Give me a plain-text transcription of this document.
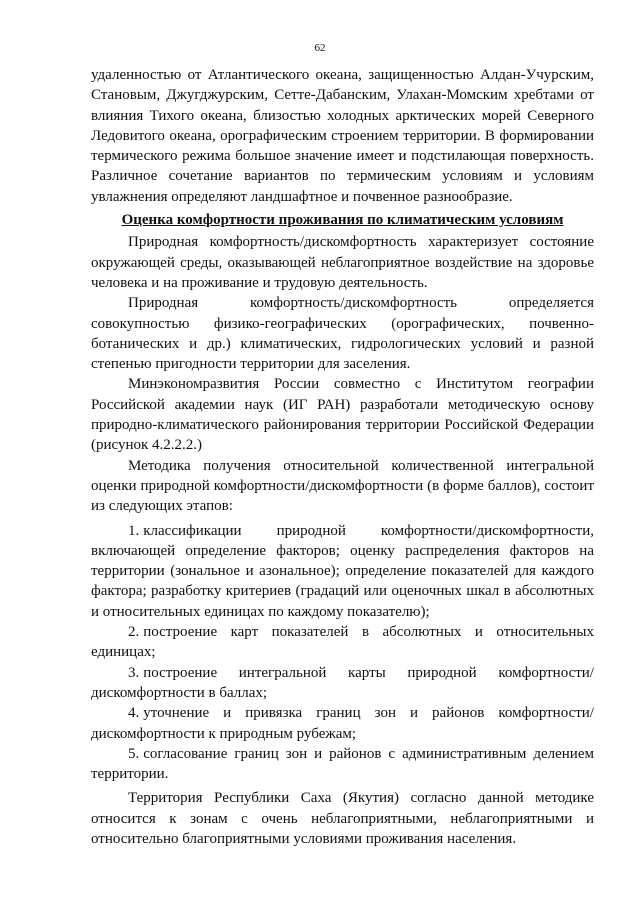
62

удаленностью от Атлантического океана, защищенностью Алдан-Учурским, Становым, Джугджурским, Сетте-Дабанским, Улахан-Момским хребтами от влияния Тихого океана, близостью холодных арктических морей Северного Ледовитого океана, орографическим строением территории. В формировании термического режима большое значение имеет и подстилающая поверхность. Различное сочетание вариантов по термическим условиям и условиям увлажнения определяют ландшафтное и почвенное разнообразие.

Оценка комфортности проживания по климатическим условиям

Природная комфортность/дискомфортность характеризует состояние окружающей среды, оказывающей неблагоприятное воздействие на здоровье человека и на проживание и трудовую деятельность.

Природная комфортность/дискомфортность определяется совокупностью физико-географических (орографических, почвенно-ботанических и др.) климатических, гидрологических условий и разной степенью пригодности территории для заселения.

Минэкономразвития России совместно с Институтом географии Российской академии наук (ИГ РАН) разработали методическую основу природно-климатического районирования территории Российской Федерации (рисунок 4.2.2.2.)

Методика получения относительной количественной интегральной оценки природной комфортности/дискомфортности (в форме баллов), состоит из следующих этапов:

1. классификации природной комфортности/дискомфортности, включающей определение факторов; оценку распределения факторов на территории (зональное и азональное); определение показателей для каждого фактора; разработку критериев (градаций или оценочных шкал в абсолютных и относительных единицах по каждому показателю);

2. построение карт показателей в абсолютных и относительных единицах;

3. построение интегральной карты природной комфортности/дискомфортности в баллах;

4. уточнение и привязка границ зон и районов комфортности/дискомфортности к природным рубежам;

5. согласование границ зон и районов с административным делением территории.

Территория Республики Саха (Якутия) согласно данной методике относится к зонам с очень неблагоприятными, неблагоприятными и относительно благоприятными условиями проживания населения.
